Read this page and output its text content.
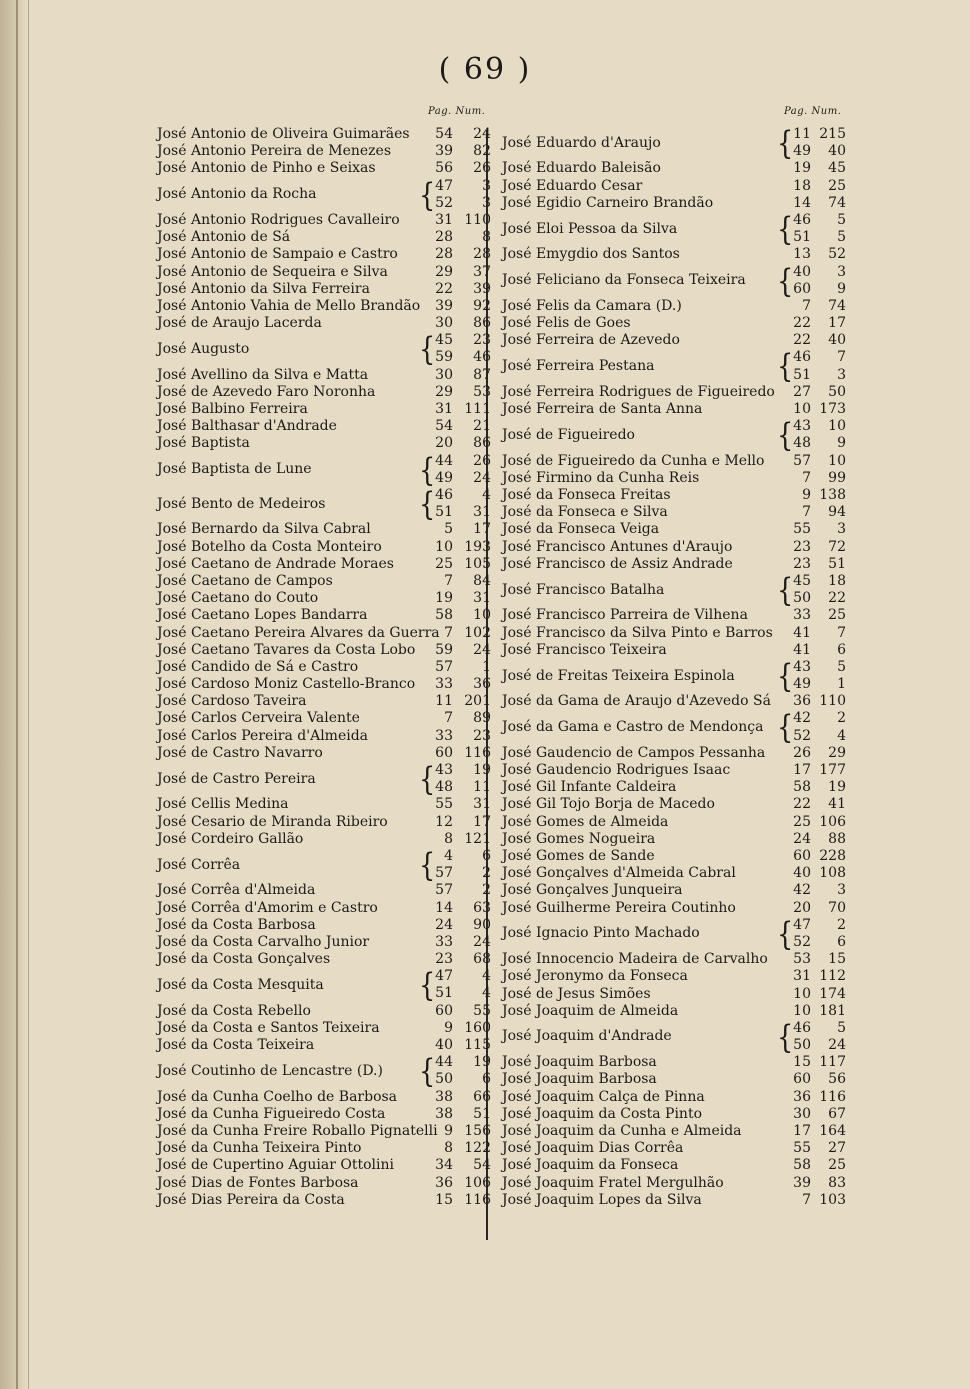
( 69 )
Pag. Num.
José Antonio de Oliveira Guimarães	54	24
José Antonio Pereira de Menezes	39	82
José Antonio de Pinho e Seixas	56	26
José Antonio da Rocha	{ 47	3
52	3
José Antonio Rodrigues Cavalleiro	31 110
José Antonio de Sá	28	8
José Antonio de Sampaio e Castro	28	28
José Antonio de Sequeira e Silva	29	37
José Antonio da Silva Ferreira	22	39
José Antonio Vahia de Mello Brandão	39	92
José de Araujo Lacerda	30	86
José Augusto	{ 45	23
59	46
José Avellino da Silva e Matta	30	87
José de Azevedo Faro Noronha	29	53
José Balbino Ferreira	31 111
José Balthasar d'Andrade	54	21
José Baptista	20	86
José Baptista de Lune	{ 44	26
49	24
José Bento de Medeiros	{ 46	4
51	31
José Bernardo da Silva Cabral	5	17
José Botelho da Costa Monteiro	10 193
José Caetano de Andrade Moraes	25 105
José Caetano de Campos	7	84
José Caetano do Couto	19	31
José Caetano Lopes Bandarra	58	10
José Caetano Pereira Alvares da Guerra 7 102
José Caetano Tavares da Costa Lobo	59	24
José Candido de Sá e Castro	57	1
José Cardoso Moniz Castello-Branco	33	36
José Cardoso Taveira	11 201
José Carlos Cerveira Valente	7	89
José Carlos Pereira d'Almeida	33	23
José de Castro Navarro	60 116
José de Castro Pereira	{ 43	19
48	11
José Cellis Medina	55	31
José Cesario de Miranda Ribeiro	12	17
José Cordeiro Gallão	8 121
José Corrêa	{ 4	6
57	2
José Corrêa d'Almeida	57	2
José Corrêa d'Amorim e Castro	14	63
José da Costa Barbosa	24	90
José da Costa Carvalho Junior	33	24
José da Costa Gonçalves	23	68
José da Costa Mesquita	{ 47	4
51	4
José da Costa Rebello	60	55
José da Costa e Santos Teixeira	9 160
José da Costa Teixeira	40 115
José Coutinho de Lencastre (D.) { 44	19
50	6
José da Cunha Coelho de Barbosa	38	66
José da Cunha Figueiredo Costa	38	51
José da Cunha Freire Roballo Pignatelli 9 156
José da Cunha Teixeira Pinto	8 122
José de Cupertino Aguiar Ottolini	34	54
José Dias de Fontes Barbosa	36 106
José Dias Pereira da Costa	15 116
Pag. Num.
José Eduardo d'Araujo	{ 11 215
49	40
José Eduardo Baleisão	19	45
José Eduardo Cesar	18	25
José Egidio Carneiro Brandão	14	74
José Eloi Pessoa da Silva	{ 46	5
51	5
José Emygdio dos Santos	13	52
José Feliciano da Fonseca Teixeira { 40	3
60	9
José Felis da Camara (D.)	7	74
José Felis de Goes	22	17
José Ferreira de Azevedo	22	40
José Ferreira Pestana	{ 46	7
51	3
José Ferreira Rodrigues de Figueiredo	27	50
José Ferreira de Santa Anna	10 173
José de Figueiredo	{ 43	10
48	9
José de Figueiredo da Cunha e Mello	57	10
José Firmino da Cunha Reis	7	99
José da Fonseca Freitas	9 138
José da Fonseca e Silva	7	94
José da Fonseca Veiga	55	3
José Francisco Antunes d'Araujo	23	72
José Francisco de Assiz Andrade	23	51
José Francisco Batalha	{ 45	18
50	22
José Francisco Parreira de Vilhena	33	25
José Francisco da Silva Pinto e Barros	41	7
José Francisco Teixeira	41	6
José de Freitas Teixeira Espinola { 43	5
49	1
José da Gama de Araujo d'Azevedo Sá	36 110
José da Gama e Castro de Mendonça { 42	2
52	4
José Gaudencio de Campos Pessanha	26	29
José Gaudencio Rodrigues Isaac	17 177
José Gil Infante Caldeira	58	19
José Gil Tojo Borja de Macedo	22	41
José Gomes de Almeida	25 106
José Gomes Nogueira	24	88
José Gomes de Sande	60 228
José Gonçalves d'Almeida Cabral	40 108
José Gonçalves Junqueira	42	3
José Guilherme Pereira Coutinho	20	70
José Ignacio Pinto Machado { 47	2
52	6
José Innocencio Madeira de Carvalho	53	15
José Jeronymo da Fonseca	31 112
José de Jesus Simões	10 174
José Joaquim de Almeida	10 181
José Joaquim d'Andrade	{ 46	5
50	24
José Joaquim Barbosa	15 117
José Joaquim Barbosa	60	56
José Joaquim Calça de Pinna	36 116
José Joaquim da Costa Pinto	30	67
José Joaquim da Cunha e Almeida	17 164
José Joaquim Dias Corrêa	55	27
José Joaquim da Fonseca	58	25
José Joaquim Fratel Mergulhão	39	83
José Joaquim Lopes da Silva	7 103
